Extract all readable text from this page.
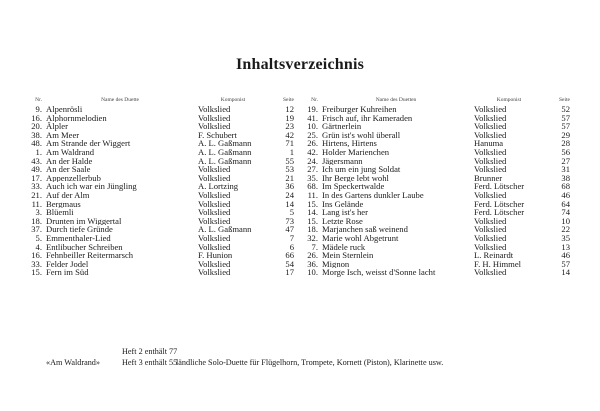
Inhaltsverzeichnis
Nr.	Name des Duette	Komponist	Seite
9. Alpenrösli	Volkslied	12
16. Alphornmelodien	Volkslied	19
20. Älpler	Volkslied	23
38. Am Meer	F. Schubert	42
48. Am Strande der Wiggert	A. L. Gaßmann	71
1. Am Waldrand	A. L. Gaßmann	1
43. An der Halde	A. L. Gaßmann	55
49. An der Saale	Volkslied	53
17. Appenzellerbub	Volkslied	21
33. Auch ich war ein Jüngling	A. Lortzing	36
21. Auf der Alm	Volkslied	24
11. Bergmaus	Volkslied	14
3. Blüemli	Volkslied	5
18. Drunten im Wiggertal	Volkslied	73
37. Durch tiefe Gründe	A. L. Gaßmann	47
5. Emmenthaler-Lied	Volkslied	7
4. Entlibucher Schreiben	Volkslied	6
16. Fehnbeiller Reitermarsch	F. Hunion	66
33. Felder Jodel	Volkslied	54
15. Fern im Süd	Volkslied	17
Nr.	Name des Duetten	Komponist	Seite
19. Freiburger Kuhreihen	Volkslied	52
41. Frisch auf, ihr Kameraden	Volkslied	57
10. Gärtnerlein	Volkslied	57
25. Grün ist's wohl überall	Volkslied	29
26. Hirtens, Hirtens	Hanuma	28
42. Holder Marienchen	Volkslied	56
24. Jägersmann	Volkslied	27
27. Ich um ein jung Soldat	Volkslied	31
35. Ihr Berge lebt wohl	Brunner	38
68. Im Speckertwalde	Ferd. Lötscher	68
11. In des Gartens dunkler Laube	Volkslied	46
15. Ins Gelände	Ferd. Lötscher	64
14. Lang ist's her	Ferd. Lötscher	74
15. Letzte Rose	Volkslied	10
18. Marjanchen saß weinend	Volkslied	22
32. Marie wohl Abgetrunt	Volkslied	35
7. Mädele ruck	Volkslied	13
26. Mein Sternlein	L. Reinardt	46
36. Mignon	F. H. Himmel	57
10. Morge Isch, weisst d'Sonne lacht	Volkslied	14
«Am Waldrand»
Heft 2 enthält 77
Heft 3 enthält 55
ländliche Solo-Duette für Flügelhorn, Trompete, Kornett (Piston), Klarinette usw.
